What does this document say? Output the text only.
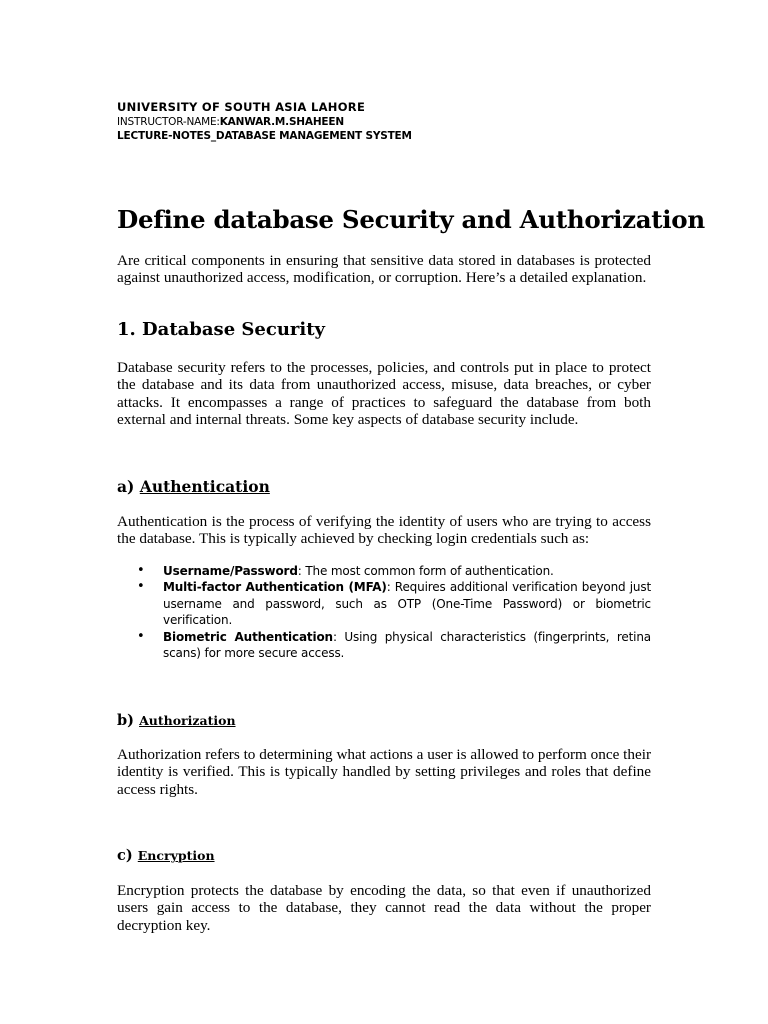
UNIVERSITY OF SOUTH ASIA LAHORE
INSTRUCTOR-NAME:KANWAR.M.SHAHEEN
LECTURE-NOTES_DATABASE MANAGEMENT SYSTEM
Define database Security and Authorization

Are critical components in ensuring that sensitive data stored in databases is protected against unauthorized access, modification, or corruption. Here’s a detailed explanation.

1. Database Security

Database security refers to the processes, policies, and controls put in place to protect the database and its data from unauthorized access, misuse, data breaches, or cyber attacks. It encompasses a range of practices to safeguard the database from both external and internal threats. Some key aspects of database security include.

a) Authentication

Authentication is the process of verifying the identity of users who are trying to access the database. This is typically achieved by checking login credentials such as:

• Username/Password: The most common form of authentication.
• Multi-factor Authentication (MFA): Requires additional verification beyond just username and password, such as OTP (One-Time Password) or biometric verification.
• Biometric Authentication: Using physical characteristics (fingerprints, retina scans) for more secure access.
b) Authorization

Authorization refers to determining what actions a user is allowed to perform once their identity is verified. This is typically handled by setting privileges and roles that define access rights.

c) Encryption

Encryption protects the database by encoding the data, so that even if unauthorized users gain access to the database, they cannot read the data without the proper decryption key.
